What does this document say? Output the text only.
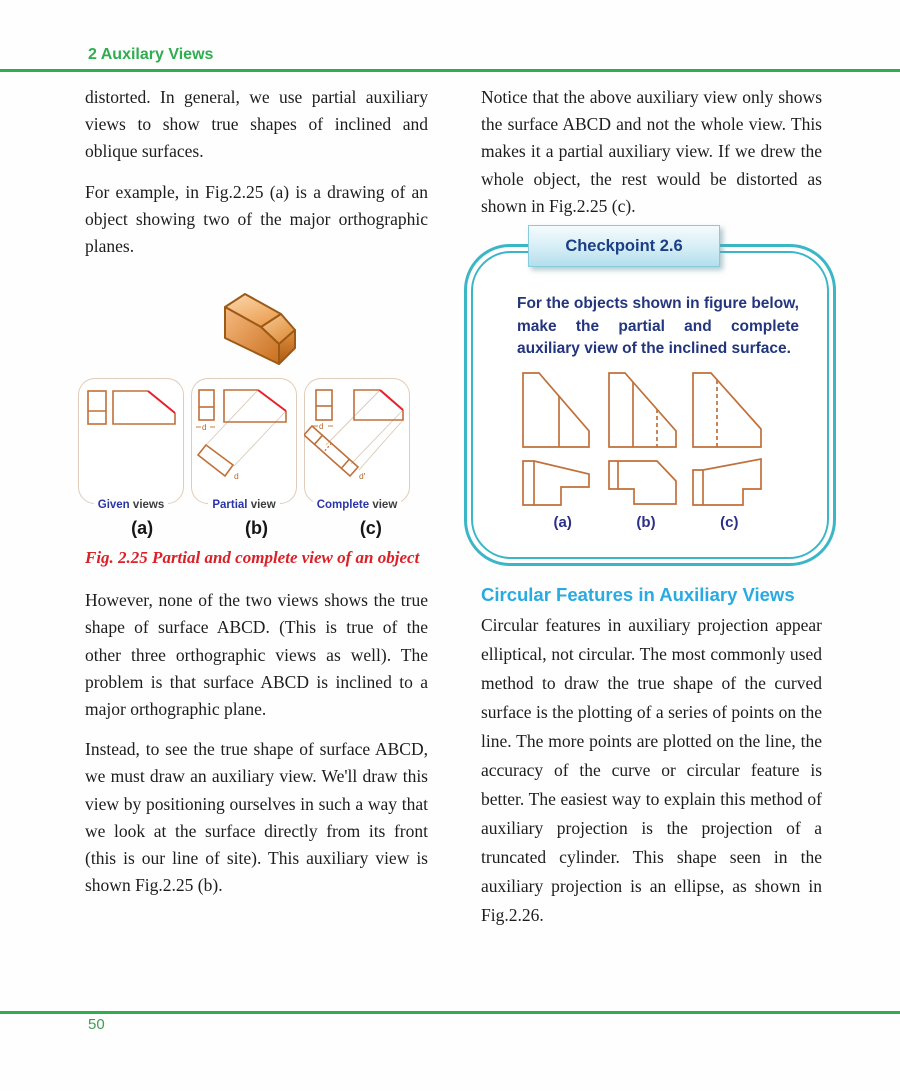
2 Auxilary Views

distorted. In general, we use partial auxiliary views to show true shapes of inclined and oblique surfaces.

For example, in Fig.2.25 (a) is a drawing of an object showing two of the major orthographic planes.

Given views
d
d
Partial view
d
d'
Complete view
(a)	(b)	(c)
Fig. 2.25 Partial and complete view of an object

However, none of the two views shows the true shape of surface ABCD. (This is true of the other three orthographic views as well). The problem is that surface ABCD is inclined to a major orthographic plane.

Instead, to see the true shape of surface ABCD, we must draw an auxiliary view. We'll draw this view by positioning ourselves in such a way that we look at the surface directly from its front (this is our line of site). This auxiliary view is shown Fig.2.25 (b).

Notice that the above auxiliary view only shows the surface ABCD and not the whole view. This makes it a partial auxiliary view. If we drew the whole object, the rest would be distorted as shown in Fig.2.25 (c).

Checkpoint 2.6
For the objects shown in figure below, make the partial and complete auxiliary view of the inclined surface.
(a)	(b)	(c)
Circular Features in Auxiliary Views

Circular features in auxiliary projection appear elliptical, not circular. The most commonly used method to draw the true shape of the curved surface is the plotting of a series of points on the line. The more points are plotted on the line, the accuracy of the curve or circular feature is better. The easiest way to explain this method of auxiliary projection is the projection of a truncated cylinder. This shape seen in the auxiliary projection is an ellipse, as shown in Fig.2.26.

50
